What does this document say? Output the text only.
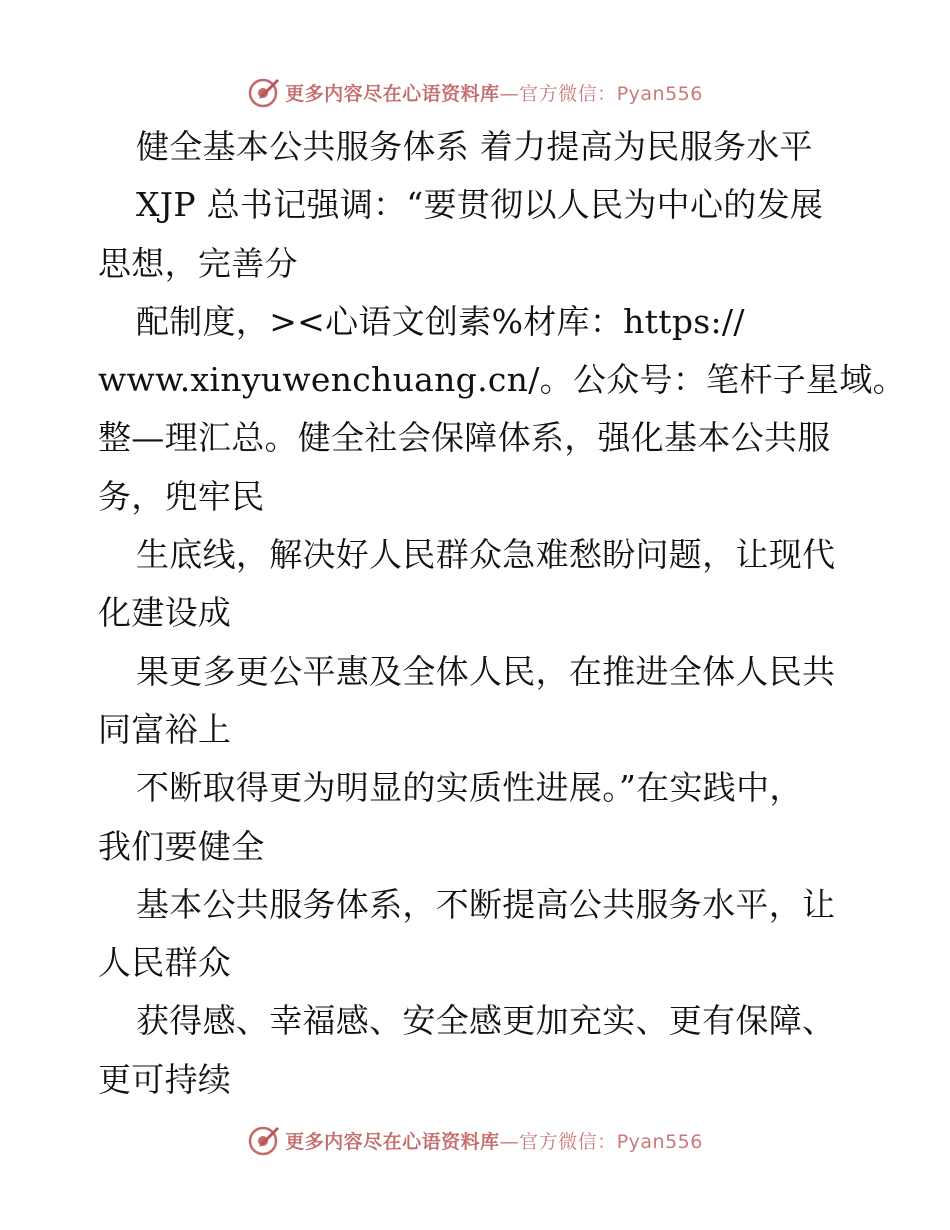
更多内容尽在心语资料库—官方微信：Pyan556
健全基本公共服务体系 着力提高为民服务水平
XJP 总书记强调：“要贯彻以人民为中心的发展
思想，完善分
配制度，><心语文创素%材库：https://
www.xinyuwenchuang.cn/。公众号：笔杆子星域。
整—理汇总。健全社会保障体系，强化基本公共服
务，兜牢民
生底线，解决好人民群众急难愁盼问题，让现代
化建设成
果更多更公平惠及全体人民，在推进全体人民共
同富裕上
不断取得更为明显的实质性进展。”在实践中，
我们要健全
基本公共服务体系，不断提高公共服务水平，让
人民群众
获得感、幸福感、安全感更加充实、更有保障、
更可持续
更多内容尽在心语资料库—官方微信：Pyan556
